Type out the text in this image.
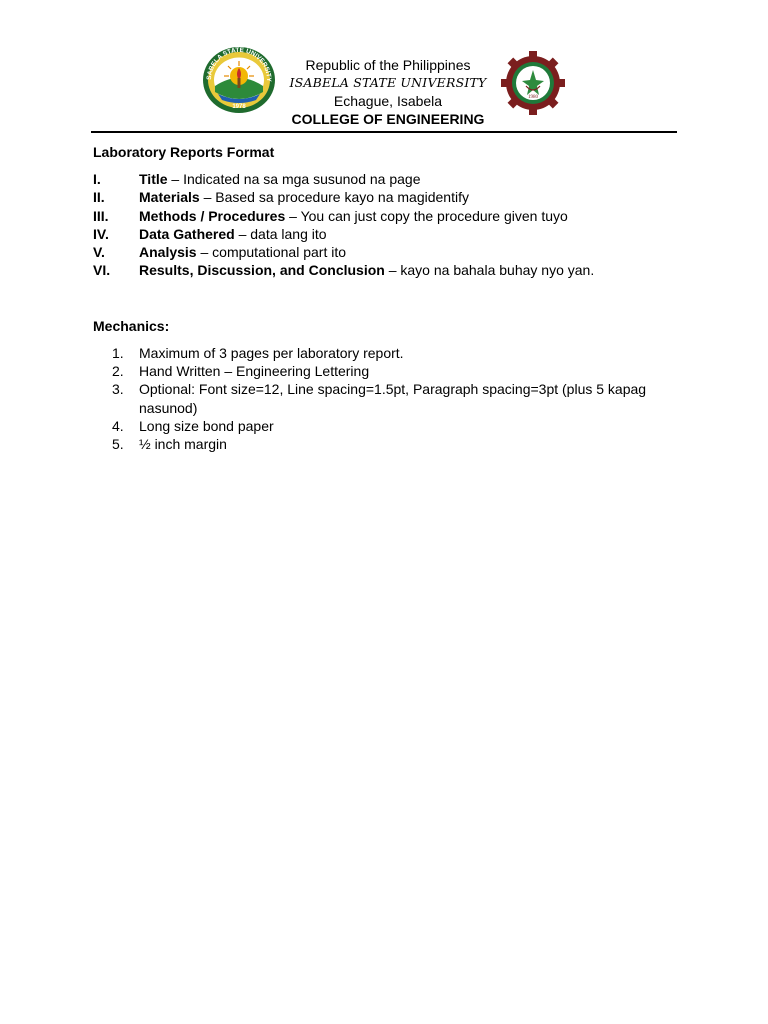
SABELA STATE UNIVERSITY
1978
Republic of the Philippines
ISABELA STATE UNIVERSITY
Echague, Isabela
COLLEGE OF ENGINEERING
1980
Laboratory Reports Format
I.	Title – Indicated na sa mga susunod na page
II.	Materials – Based sa procedure kayo na magidentify
III.	Methods / Procedures – You can just copy the procedure given tuyo
IV.	Data Gathered – data lang ito
V.	Analysis – computational part ito
VI.	Results, Discussion, and Conclusion – kayo na bahala buhay nyo yan.
Mechanics:
1.	Maximum of 3 pages per laboratory report.
2.	Hand Written – Engineering Lettering
3.	Optional: Font size=12, Line spacing=1.5pt, Paragraph spacing=3pt (plus 5 kapag nasunod)
4.	Long size bond paper
5.	½ inch margin
